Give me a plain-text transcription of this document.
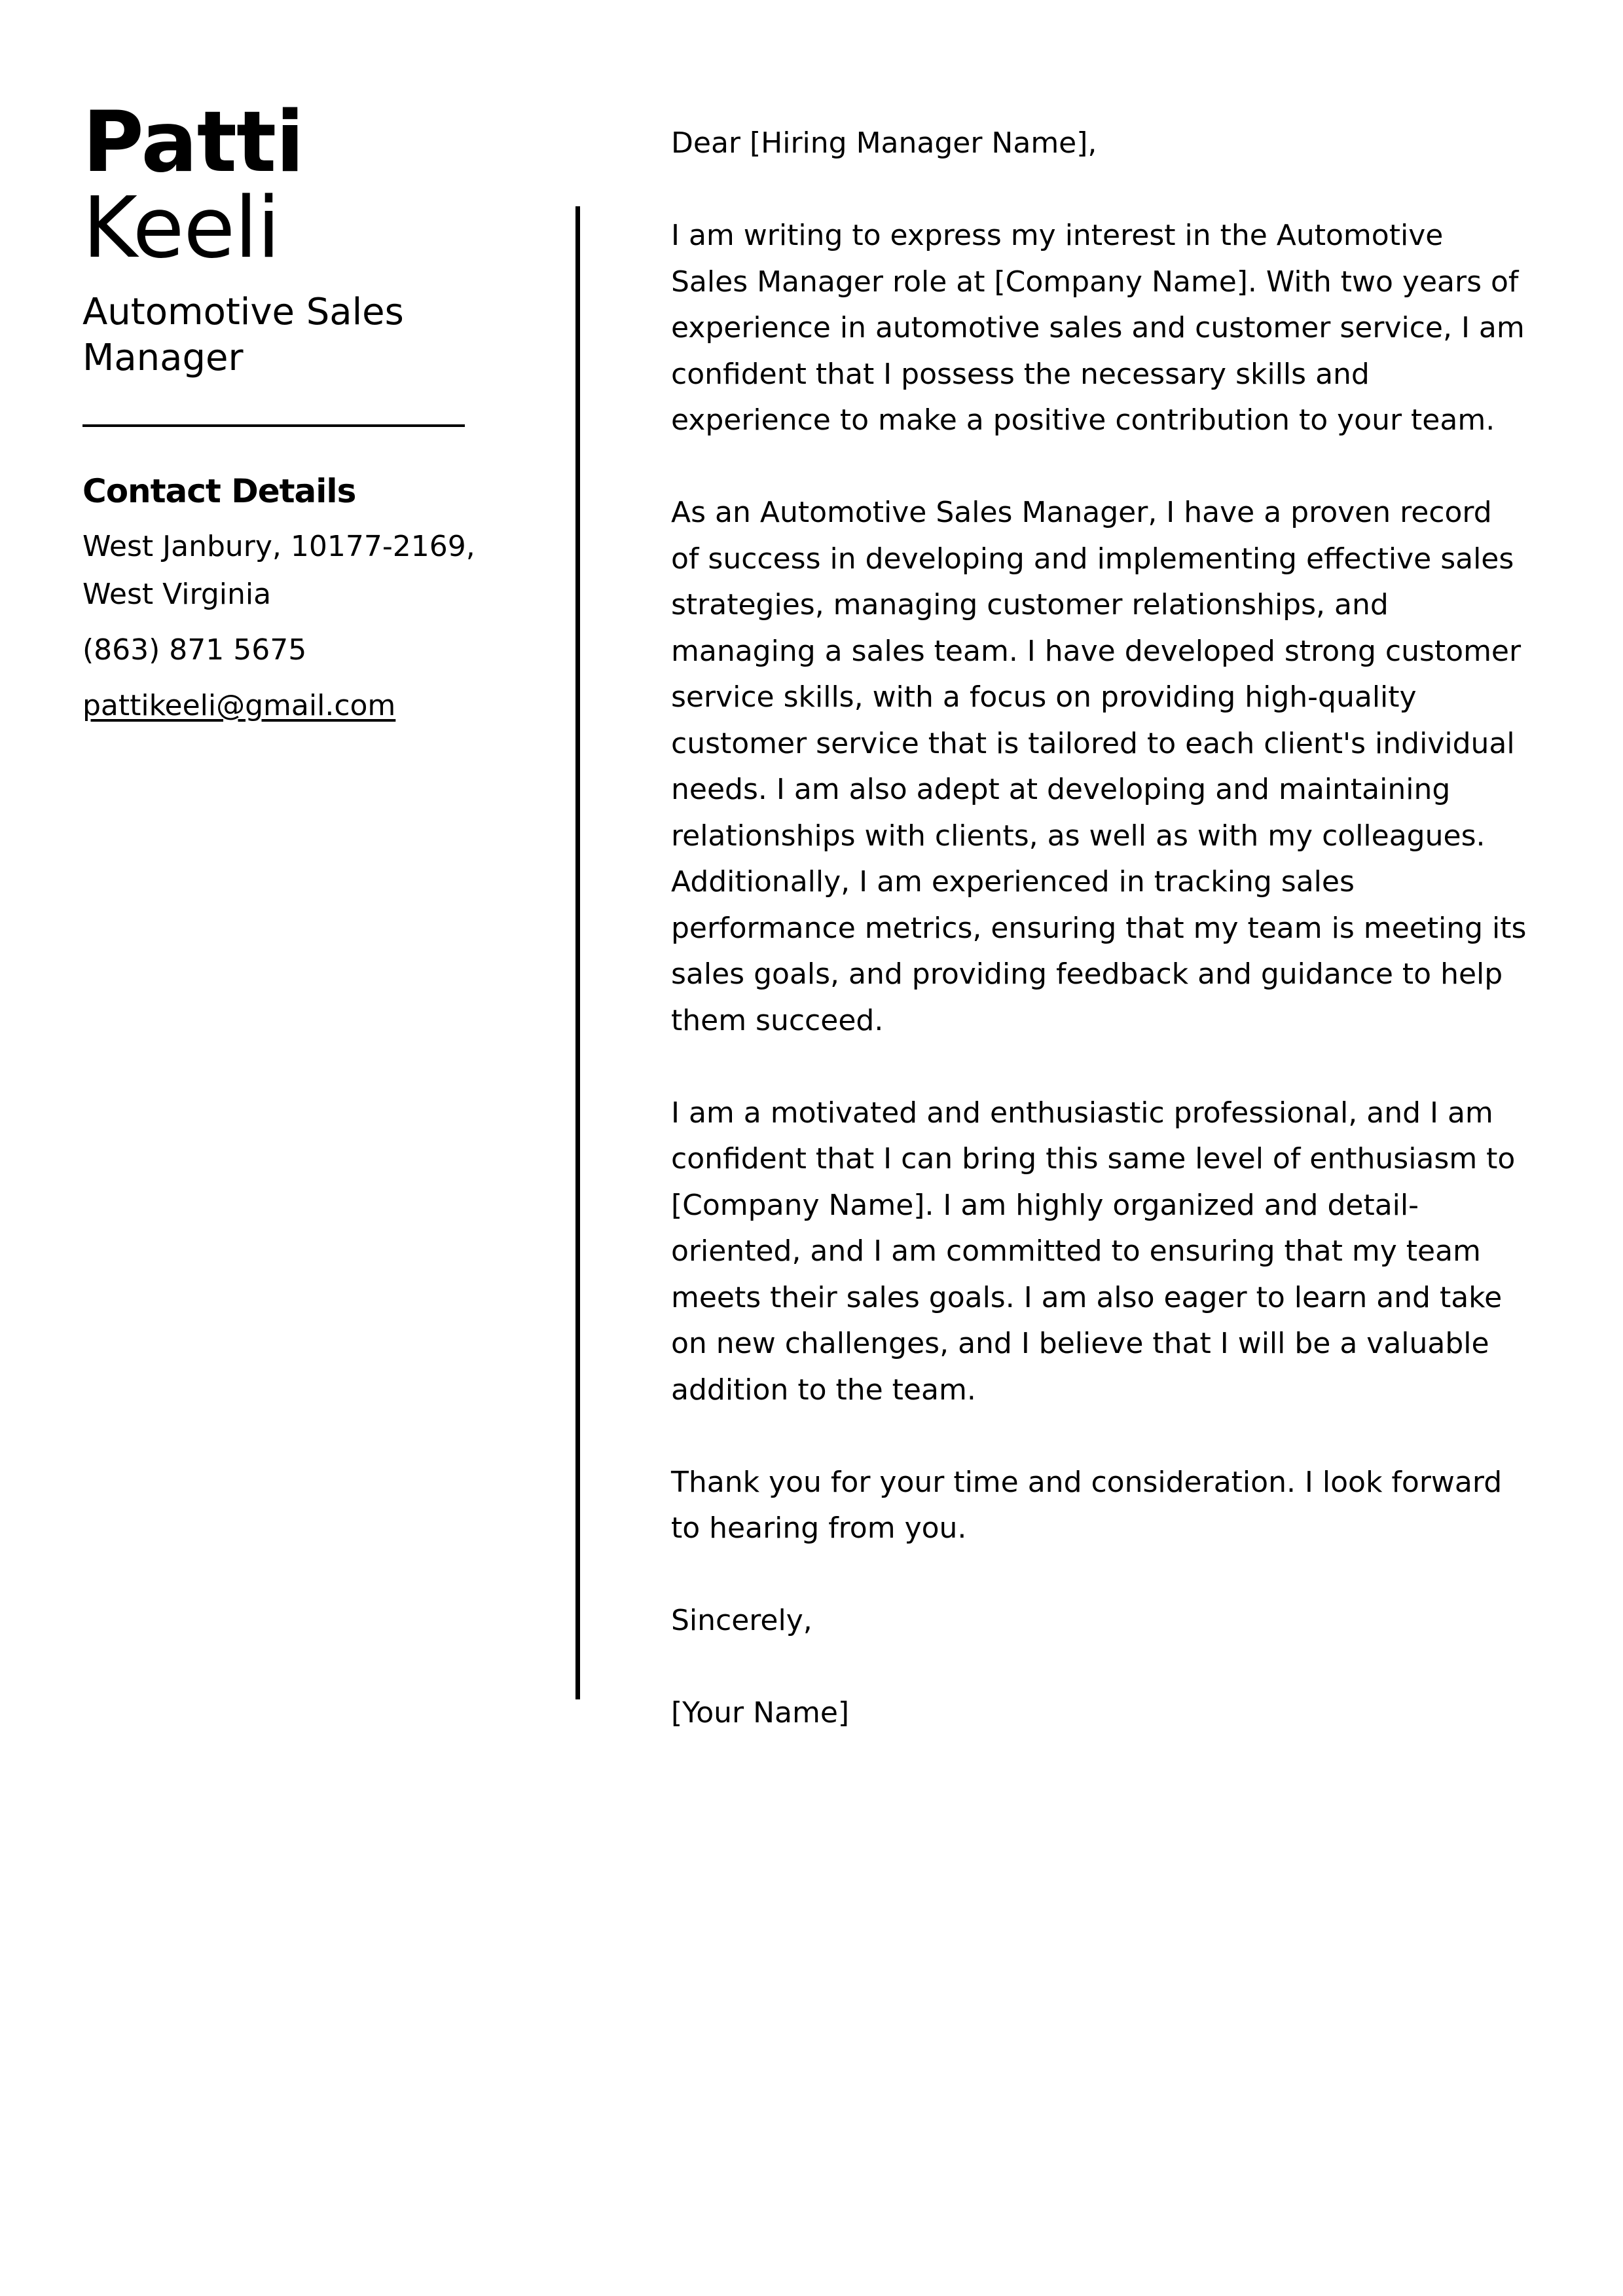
Patti
Keeli
Automotive Sales Manager
Contact Details
West Janbury, 10177-2169, West Virginia
(863) 871 5675
pattikeeli@gmail.com

Dear [Hiring Manager Name],

I am writing to express my interest in the Automotive Sales Manager role at [Company Name]. With two years of experience in automotive sales and customer service, I am confident that I possess the necessary skills and experience to make a positive contribution to your team.

As an Automotive Sales Manager, I have a proven record of success in developing and implementing effective sales strategies, managing customer relationships, and managing a sales team. I have developed strong customer service skills, with a focus on providing high-quality customer service that is tailored to each client's individual needs. I am also adept at developing and maintaining relationships with clients, as well as with my colleagues. Additionally, I am experienced in tracking sales performance metrics, ensuring that my team is meeting its sales goals, and providing feedback and guidance to help them succeed.

I am a motivated and enthusiastic professional, and I am confident that I can bring this same level of enthusiasm to [Company Name]. I am highly organized and detail-oriented, and I am committed to ensuring that my team meets their sales goals. I am also eager to learn and take on new challenges, and I believe that I will be a valuable addition to the team.

Thank you for your time and consideration. I look forward to hearing from you.

Sincerely,

[Your Name]
